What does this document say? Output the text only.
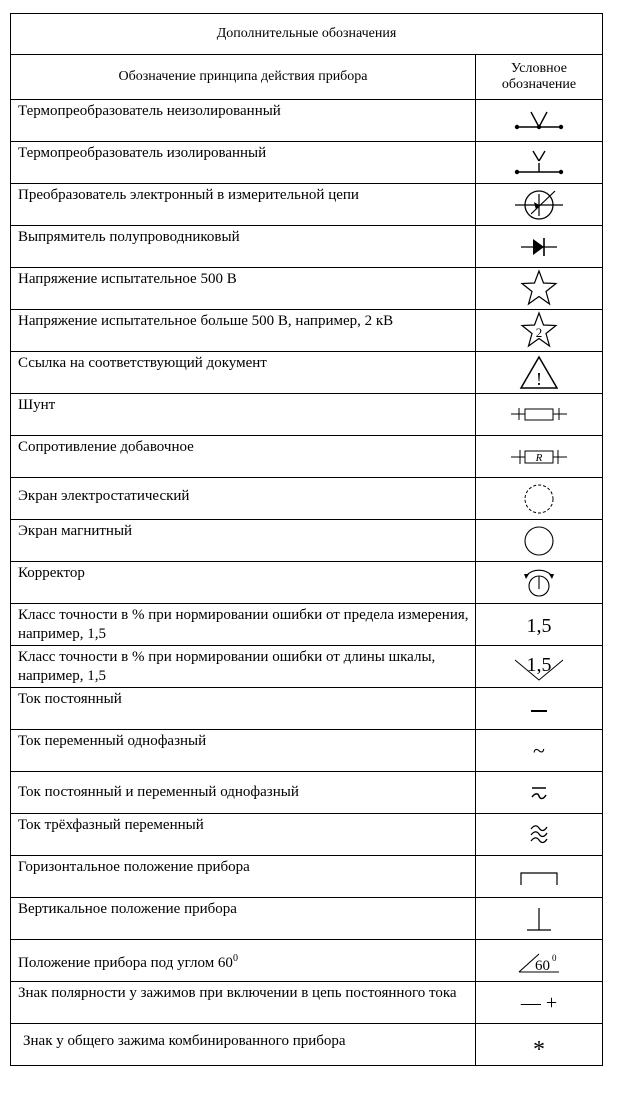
Дополнительные обозначения	
Обозначение принципа действия прибора	Условное обозначение
Термопреобразователь неизолированный	

Термопреобразователь изолированный	

Преобразователь электронный в измерительной цепи	

Выпрямитель полупроводниковый	

Напряжение испытательное 500 В	

Напряжение испытательное больше 500 В, например, 2 кВ	2

Ссылка на соответствующий документ	!

Шунт	

Сопротивление добавочное	R

Экран электростатический	

Экран магнитный	

Корректор	

Класс точности в % при нормировании ошибки от предела измерения, например, 1,5	1,5

Класс точности в % при нормировании ошибки от длины шкалы, например, 1,5	1,5

Ток постоянный	

Ток переменный однофазный	~

Ток постоянный и переменный однофазный	

Ток трёхфазный переменный	

Горизонтальное положение прибора	

Вертикальное положение прибора	

Положение прибора под углом $60^0$	60 0

Знак полярности у зажимов при включении в цепь постоянного тока	— +

Знак у общего зажима комбинированного прибора	*
